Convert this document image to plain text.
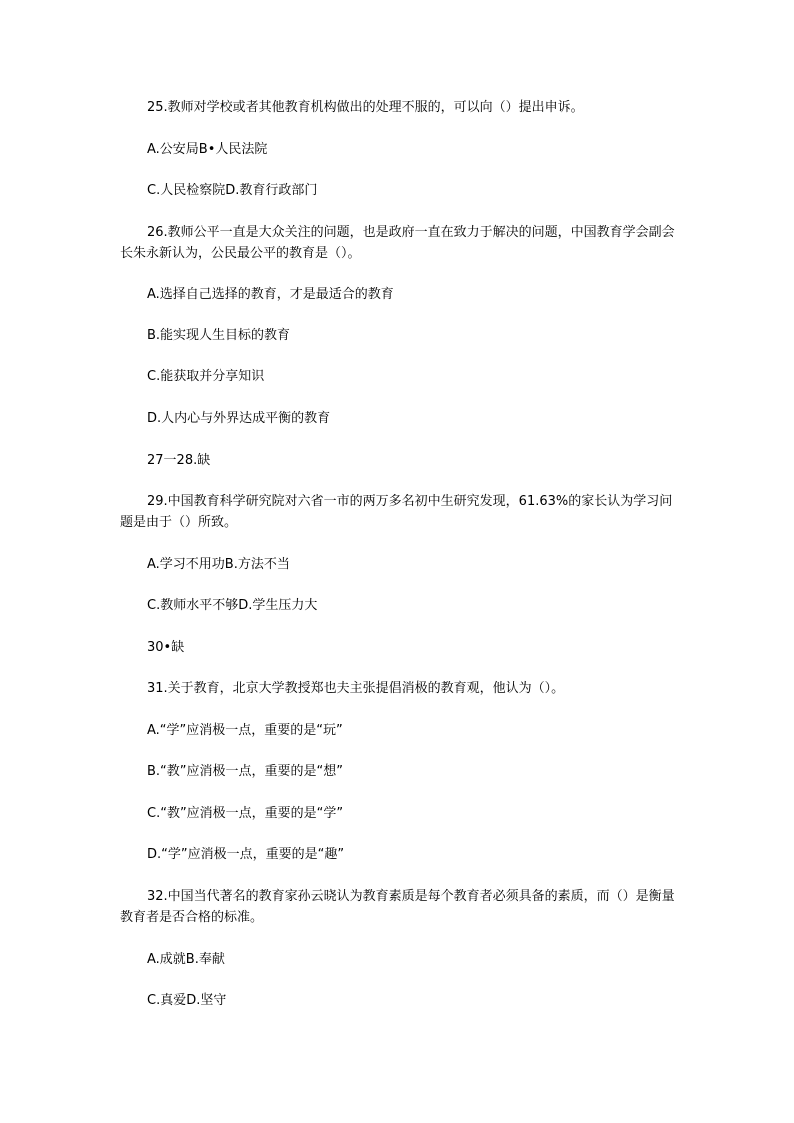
25.教师对学校或者其他教育机构做出的处理不服的，可以向（）提出申诉。
A.公安局B•人民法院
C.人民检察院D.教育行政部门
26.教师公平一直是大众关注的问题，也是政府一直在致力于解决的问题，中国教育学会副会长朱永新认为，公民最公平的教育是（）。
A.选择自己选择的教育，才是最适合的教育
B.能实现人生目标的教育
C.能获取并分享知识
D.人内心与外界达成平衡的教育
27一28.缺
29.中国教育科学研究院对六省一市的两万多名初中生研究发现，61.63%的家长认为学习问题是由于（）所致。
A.学习不用功B.方法不当
C.教师水平不够D.学生压力大
30•缺
31.关于教育，北京大学教授郑也夫主张提倡消极的教育观，他认为（）。
A.“学”应消极一点，重要的是“玩”
B.“教”应消极一点，重要的是“想”
C.“教”应消极一点，重要的是“学”
D.“学”应消极一点，重要的是“趣”
32.中国当代著名的教育家孙云晓认为教育素质是每个教育者必须具备的素质，而（）是衡量教育者是否合格的标准。
A.成就B.奉献
C.真爱D.坚守
